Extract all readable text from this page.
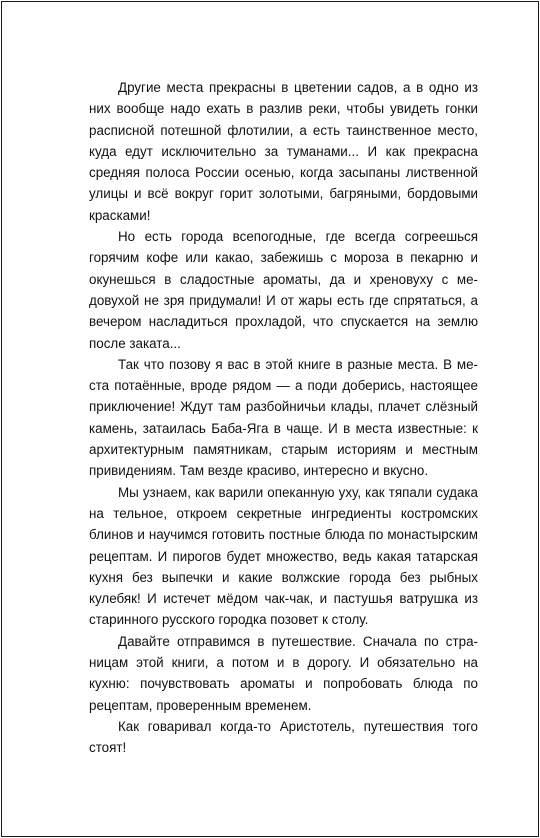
Другие места прекрасны в цветении садов, а в одно из них вообще надо ехать в разлив реки, чтобы увидеть гонки расписной потешной флотилии, а есть таинственное место, куда едут исключительно за туманами... И как прекрасна средняя полоса России осенью, когда засыпаны лиственной улицы и всё вокруг горит золотыми, багряными, бордовыми красками!

Но есть города всепогодные, где всегда согреешься горячим кофе или какао, забежишь с мороза в пекарню и окунешься в сладостные ароматы, да и хреновуху с медовухой не зря придумали! И от жары есть где спрятаться, а вечером насладиться прохладой, что спускается на землю после заката...

Так что позову я вас в этой книге в разные места. В места потаённые, вроде рядом — а поди доберись, настоящее приключение! Ждут там разбойничьи клады, плачет слёзный камень, затаилась Баба-Яга в чаще. И в места известные: к архитектурным памятникам, старым историям и местным привидениям. Там везде красиво, интересно и вкусно.

Мы узнаем, как варили опеканную уху, как тяпали судака на тельное, откроем секретные ингредиенты костромских блинов и научимся готовить постные блюда по монастырским рецептам. И пирогов будет множество, ведь какая татарская кухня без выпечки и какие волжские города без рыбных кулебяк! И истечет мёдом чак-чак, и пастушья ватрушка из старинного русского городка позовет к столу.

Давайте отправимся в путешествие. Сначала по страницам этой книги, а потом и в дорогу. И обязательно на кухню: почувствовать ароматы и попробовать блюда по рецептам, проверенным временем.

Как говаривал когда-то Аристотель, путешествия того стоят!
